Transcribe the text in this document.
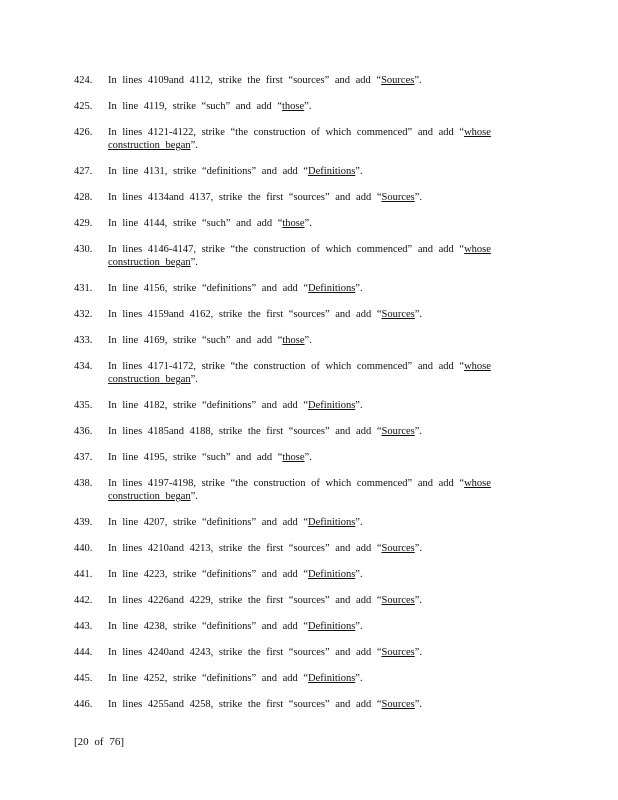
424.	In lines 4109and 4112, strike the first “sources” and add “Sources”.
425.	In line 4119, strike “such” and add “those”.
426.	In lines 4121-4122, strike “the construction of which commenced” and add “whose construction began”.
427.	In line 4131, strike “definitions” and add “Definitions”.
428.	In lines 4134and 4137, strike the first “sources” and add “Sources”.
429.	In line 4144, strike “such” and add “those”.
430.	In lines 4146-4147, strike “the construction of which commenced” and add “whose construction began”.
431.	In line 4156, strike “definitions” and add “Definitions”.
432.	In lines 4159and 4162, strike the first “sources” and add “Sources”.
433.	In line 4169, strike “such” and add “those”.
434.	In lines 4171-4172, strike “the construction of which commenced” and add “whose construction began”.
435.	In line 4182, strike “definitions” and add “Definitions”.
436.	In lines 4185and 4188, strike the first “sources” and add “Sources”.
437.	In line 4195, strike “such” and add “those”.
438.	In lines 4197-4198, strike “the construction of which commenced” and add “whose construction began”.
439.	In line 4207, strike “definitions” and add “Definitions”.
440.	In lines 4210and 4213, strike the first “sources” and add “Sources”.
441.	In line 4223, strike “definitions” and add “Definitions”.
442.	In lines 4226and 4229, strike the first “sources” and add “Sources”.
443.	In line 4238, strike “definitions” and add “Definitions”.
444.	In lines 4240and 4243, strike the first “sources” and add “Sources”.
445.	In line 4252, strike “definitions” and add “Definitions”.
446.	In lines 4255and 4258, strike the first “sources” and add “Sources”.
[20 of 76]
